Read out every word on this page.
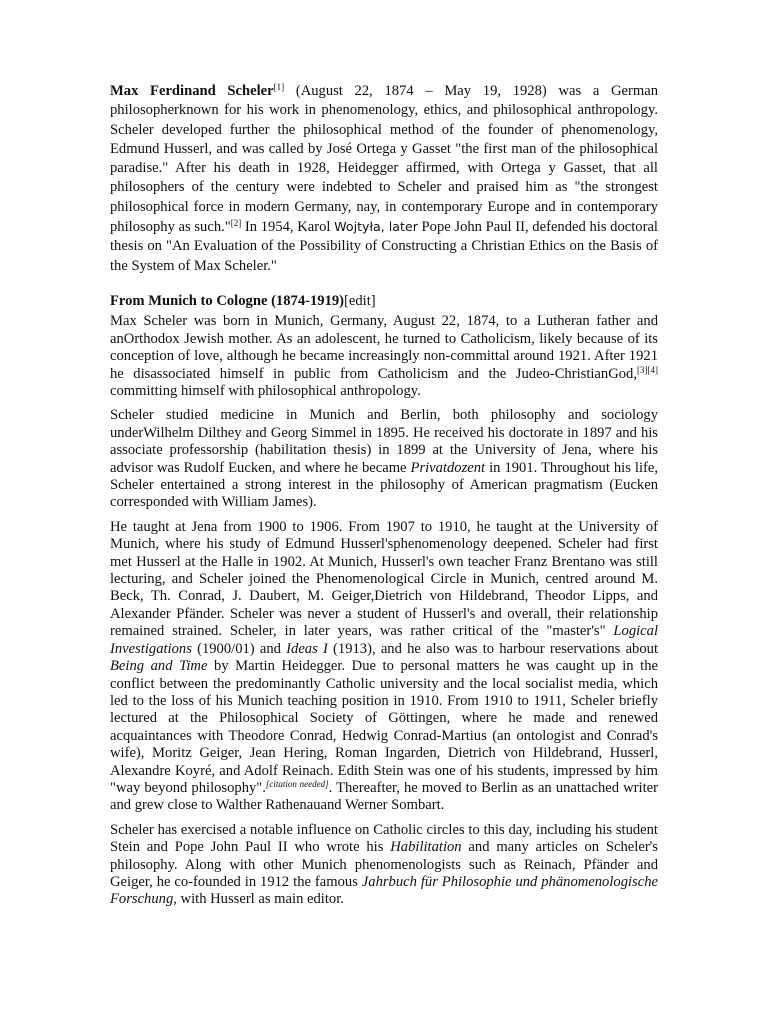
Max Ferdinand Scheler[1] (August 22, 1874 – May 19, 1928) was a German philosopherknown for his work in phenomenology, ethics, and philosophical anthropology. Scheler developed further the philosophical method of the founder of phenomenology, Edmund Husserl, and was called by José Ortega y Gasset "the first man of the philosophical paradise." After his death in 1928, Heidegger affirmed, with Ortega y Gasset, that all philosophers of the century were indebted to Scheler and praised him as "the strongest philosophical force in modern Germany, nay, in contemporary Europe and in contemporary philosophy as such."[2] In 1954, Karol Wojtyła, later Pope John Paul II, defended his doctoral thesis on "An Evaluation of the Possibility of Constructing a Christian Ethics on the Basis of the System of Max Scheler."

From Munich to Cologne (1874-1919)[edit]

Max Scheler was born in Munich, Germany, August 22, 1874, to a Lutheran father and anOrthodox Jewish mother. As an adolescent, he turned to Catholicism, likely because of its conception of love, although he became increasingly non-committal around 1921. After 1921 he disassociated himself in public from Catholicism and the Judeo-ChristianGod,[3][4] committing himself with philosophical anthropology.

Scheler studied medicine in Munich and Berlin, both philosophy and sociology underWilhelm Dilthey and Georg Simmel in 1895. He received his doctorate in 1897 and his associate professorship (habilitation thesis) in 1899 at the University of Jena, where his advisor was Rudolf Eucken, and where he became Privatdozent in 1901. Throughout his life, Scheler entertained a strong interest in the philosophy of American pragmatism (Eucken corresponded with William James).

He taught at Jena from 1900 to 1906. From 1907 to 1910, he taught at the University of Munich, where his study of Edmund Husserl'sphenomenology deepened. Scheler had first met Husserl at the Halle in 1902. At Munich, Husserl's own teacher Franz Brentano was still lecturing, and Scheler joined the Phenomenological Circle in Munich, centred around M. Beck, Th. Conrad, J. Daubert, M. Geiger,Dietrich von Hildebrand, Theodor Lipps, and Alexander Pfänder. Scheler was never a student of Husserl's and overall, their relationship remained strained. Scheler, in later years, was rather critical of the "master's" Logical Investigations (1900/01) and Ideas I (1913), and he also was to harbour reservations about Being and Time by Martin Heidegger. Due to personal matters he was caught up in the conflict between the predominantly Catholic university and the local socialist media, which led to the loss of his Munich teaching position in 1910. From 1910 to 1911, Scheler briefly lectured at the Philosophical Society of Göttingen, where he made and renewed acquaintances with Theodore Conrad, Hedwig Conrad-Martius (an ontologist and Conrad's wife), Moritz Geiger, Jean Hering, Roman Ingarden, Dietrich von Hildebrand, Husserl, Alexandre Koyré, and Adolf Reinach. Edith Stein was one of his students, impressed by him "way beyond philosophy".[citation needed]. Thereafter, he moved to Berlin as an unattached writer and grew close to Walther Rathenauand Werner Sombart.

Scheler has exercised a notable influence on Catholic circles to this day, including his student Stein and Pope John Paul II who wrote his Habilitation and many articles on Scheler's philosophy. Along with other Munich phenomenologists such as Reinach, Pfänder and Geiger, he co-founded in 1912 the famous Jahrbuch für Philosophie und phänomenologische Forschung, with Husserl as main editor.
